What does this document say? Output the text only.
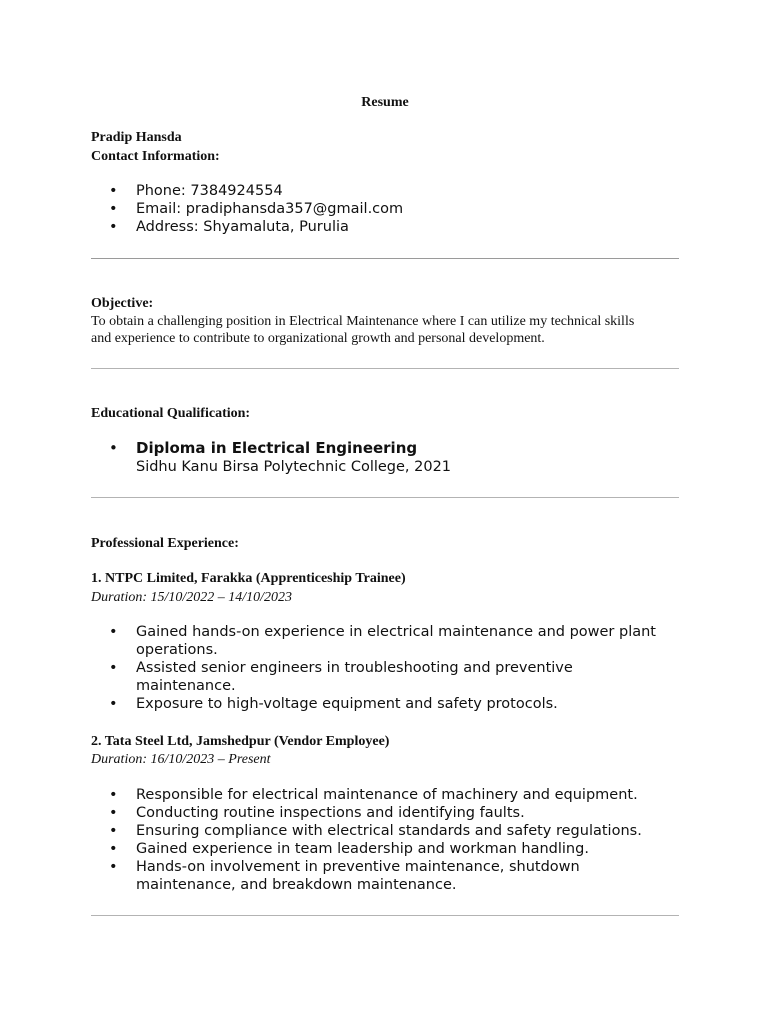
Resume
Pradip Hansda
Contact Information:
• Phone: 7384924554
• Email: pradiphansda357@gmail.com
• Address: Shyamaluta, Purulia
Objective:
To obtain a challenging position in Electrical Maintenance where I can utilize my technical skills
and experience to contribute to organizational growth and personal development.
Educational Qualification:
• Diploma in Electrical Engineering
Sidhu Kanu Birsa Polytechnic College, 2021
Professional Experience:
1. NTPC Limited, Farakka (Apprenticeship Trainee)
Duration: 15/10/2022 – 14/10/2023
• Gained hands-on experience in electrical maintenance and power plant
operations.
• Assisted senior engineers in troubleshooting and preventive
maintenance.
• Exposure to high-voltage equipment and safety protocols.
2. Tata Steel Ltd, Jamshedpur (Vendor Employee)
Duration: 16/10/2023 – Present
• Responsible for electrical maintenance of machinery and equipment.
• Conducting routine inspections and identifying faults.
• Ensuring compliance with electrical standards and safety regulations.
• Gained experience in team leadership and workman handling.
• Hands-on involvement in preventive maintenance, shutdown
maintenance, and breakdown maintenance.
